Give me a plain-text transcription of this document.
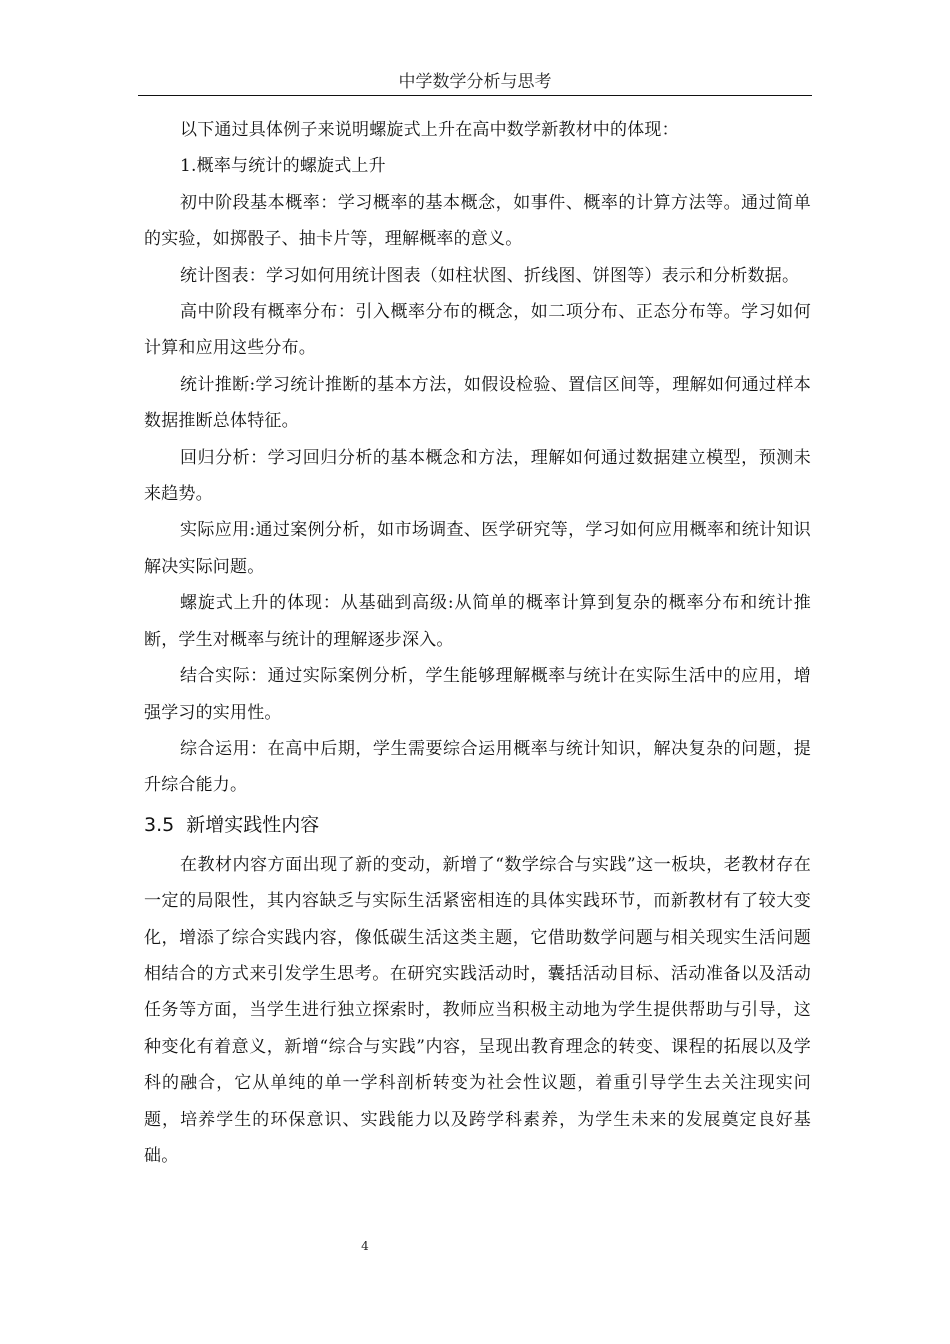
中学数学分析与思考

以下通过具体例子来说明螺旋式上升在高中数学新教材中的体现：

1.概率与统计的螺旋式上升

初中阶段基本概率：学习概率的基本概念，如事件、概率的计算方法等。通过简单的实验，如掷骰子、抽卡片等，理解概率的意义。

统计图表：学习如何用统计图表（如柱状图、折线图、饼图等）表示和分析数据。

高中阶段有概率分布：引入概率分布的概念，如二项分布、正态分布等。学习如何计算和应用这些分布。

统计推断:学习统计推断的基本方法，如假设检验、置信区间等，理解如何通过样本数据推断总体特征。

回归分析：学习回归分析的基本概念和方法，理解如何通过数据建立模型，预测未来趋势。

实际应用:通过案例分析，如市场调查、医学研究等，学习如何应用概率和统计知识解决实际问题。

螺旋式上升的体现：从基础到高级:从简单的概率计算到复杂的概率分布和统计推断，学生对概率与统计的理解逐步深入。

结合实际：通过实际案例分析，学生能够理解概率与统计在实际生活中的应用，增强学习的实用性。

综合运用：在高中后期，学生需要综合运用概率与统计知识，解决复杂的问题，提升综合能力。

3.5 新增实践性内容

在教材内容方面出现了新的变动，新增了“数学综合与实践”这一板块，老教材存在一定的局限性，其内容缺乏与实际生活紧密相连的具体实践环节，而新教材有了较大变化，增添了综合实践内容，像低碳生活这类主题，它借助数学问题与相关现实生活问题相结合的方式来引发学生思考。在研究实践活动时，囊括活动目标、活动准备以及活动任务等方面，当学生进行独立探索时，教师应当积极主动地为学生提供帮助与引导，这种变化有着意义，新增“综合与实践”内容，呈现出教育理念的转变、课程的拓展以及学科的融合，它从单纯的单一学科剖析转变为社会性议题，着重引导学生去关注现实问题，培养学生的环保意识、实践能力以及跨学科素养，为学生未来的发展奠定良好基础。

4
